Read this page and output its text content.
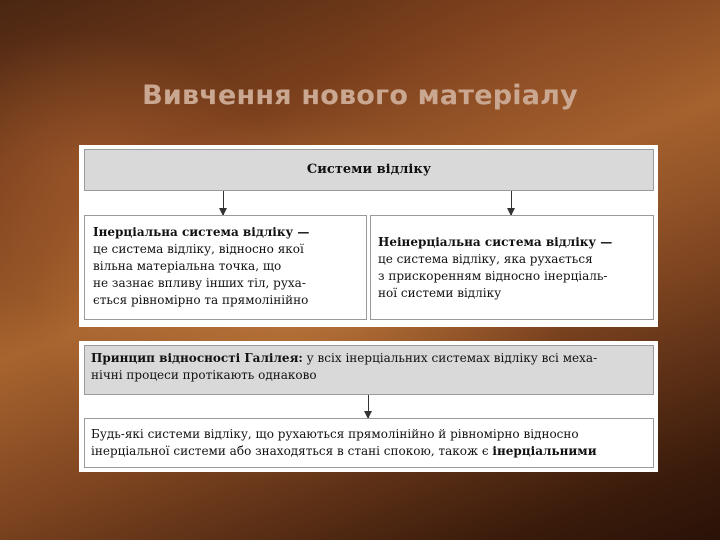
Вивчення нового матеріалу
Системи відліку
Інерціальна система відліку —
це система відліку, відносно якої
вільна матеріальна точка, що
не зазнає впливу інших тіл, руха-
ється рівномірно та прямолінійно
Неінерціальна система відліку —
це система відліку, яка рухається
з прискоренням відносно інерціаль-
ної системи відліку
Принцип відносності Галілея: у всіх інерціальних системах відліку всі меха-
нічні процеси протікають однаково
Будь-які системи відліку, що рухаються прямолінійно й рівномірно відносно
інерціальної системи або знаходяться в стані спокою, також є інерціальними
